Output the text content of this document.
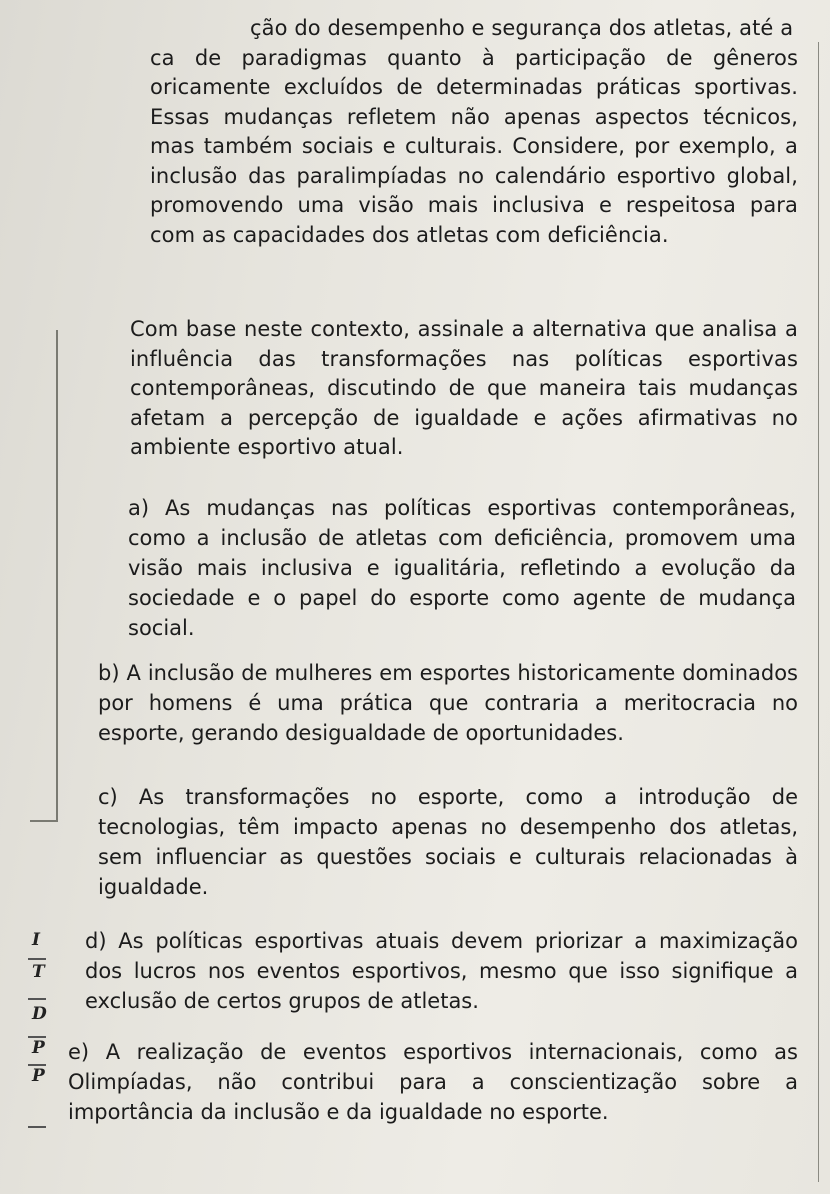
I
T
D
P
P
ção do desempenho e segurança dos atletas, até a
ca de paradigmas quanto à participação de gêneros oricamente excluídos de determinadas práticas sportivas. Essas mudanças refletem não apenas aspectos técnicos, mas também sociais e culturais. Considere, por exemplo, a inclusão das paralimpíadas no calendário esportivo global, promovendo uma visão mais inclusiva e respeitosa para com as capacidades dos atletas com deficiência.

Com base neste contexto, assinale a alternativa que analisa a influência das transformações nas políticas esportivas contemporâneas, discutindo de que maneira tais mudanças afetam a percepção de igualdade e ações afirmativas no ambiente esportivo atual.

a) As mudanças nas políticas esportivas contemporâneas, como a inclusão de atletas com deficiência, promovem uma visão mais inclusiva e igualitária, refletindo a evolução da sociedade e o papel do esporte como agente de mudança social.

b) A inclusão de mulheres em esportes historicamente dominados por homens é uma prática que contraria a meritocracia no esporte, gerando desigualdade de oportunidades.

c) As transformações no esporte, como a introdução de tecnologias, têm impacto apenas no desempenho dos atletas, sem influenciar as questões sociais e culturais relacionadas à igualdade.

d) As políticas esportivas atuais devem priorizar a maximização dos lucros nos eventos esportivos, mesmo que isso signifique a exclusão de certos grupos de atletas.

e) A realização de eventos esportivos internacionais, como as Olimpíadas, não contribui para a conscientização sobre a importância da inclusão e da igualdade no esporte.
